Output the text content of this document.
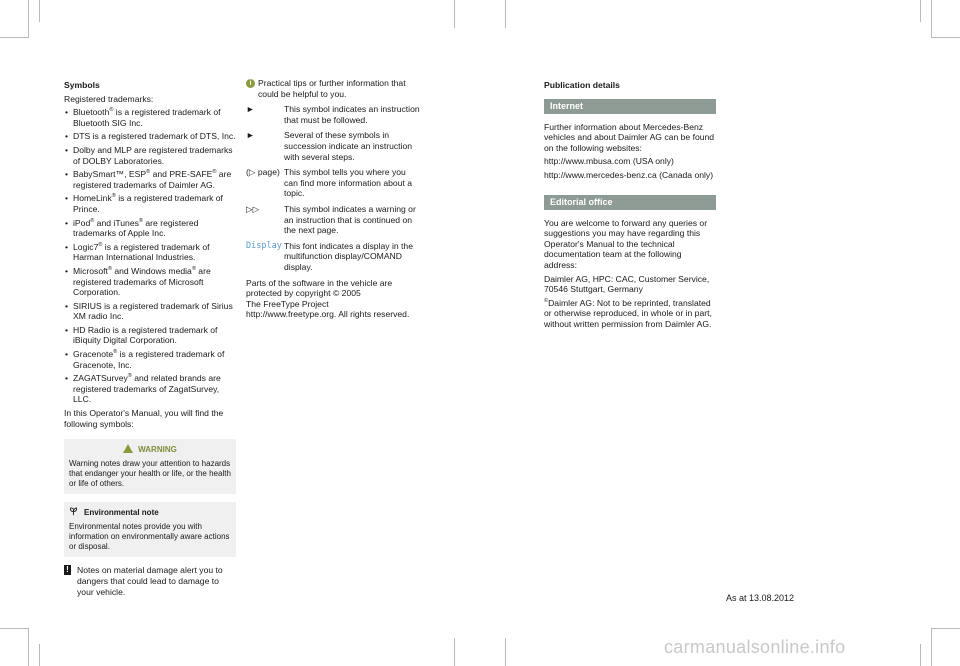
Symbols

Registered trademarks:

• Bluetooth® is a registered trademark of Bluetooth SIG Inc.
• DTS is a registered trademark of DTS, Inc.
• Dolby and MLP are registered trademarks of DOLBY Laboratories.
• BabySmart™, ESP® and PRE-SAFE® are registered trademarks of Daimler AG.
• HomeLink® is a registered trademark of Prince.
• iPod® and iTunes® are registered trademarks of Apple Inc.
• Logic7® is a registered trademark of Harman International Industries.
• Microsoft® and Windows media® are registered trademarks of Microsoft Corporation.
• SIRIUS is a registered trademark of Sirius XM radio Inc.
• HD Radio is a registered trademark of iBiquity Digital Corporation.
• Gracenote® is a registered trademark of Gracenote, Inc.
• ZAGATSurvey® and related brands are registered trademarks of ZagatSurvey, LLC.

In this Operator's Manual, you will find the following symbols:

WARNING
Warning notes draw your attention to hazards that endanger your health or life, or the health or life of others.
Environmental note
Environmental notes provide you with information on environmentally aware actions or disposal.
! Notes on material damage alert you to dangers that could lead to damage to your vehicle.
i Practical tips or further information that could be helpful to you.
►	This symbol indicates an instruction that must be followed.
►	Several of these symbols in succession indicate an instruction with several steps.
(▷ page) This symbol tells you where you can find more information about a topic.
▷▷	This symbol indicates a warning or an instruction that is continued on the next page.
Display This font indicates a display in the multifunction display/COMAND display.

Parts of the software in the vehicle are

protected by copyright © 2005

The FreeType Project

http://www.freetype.org. All rights reserved.

Publication details
Internet

Further information about Mercedes-Benz vehicles and about Daimler AG can be found on the following websites:

http://www.mbusa.com (USA only)

http://www.mercedes-benz.ca (Canada only)

Editorial office

You are welcome to forward any queries or suggestions you may have regarding this Operator's Manual to the technical documentation team at the following address:

Daimler AG, HPC: CAC, Customer Service, 70546 Stuttgart, Germany

©Daimler AG: Not to be reprinted, translated or otherwise reproduced, in whole or in part, without written permission from Daimler AG.

As at 13.08.2012
carmanualsonline.info
